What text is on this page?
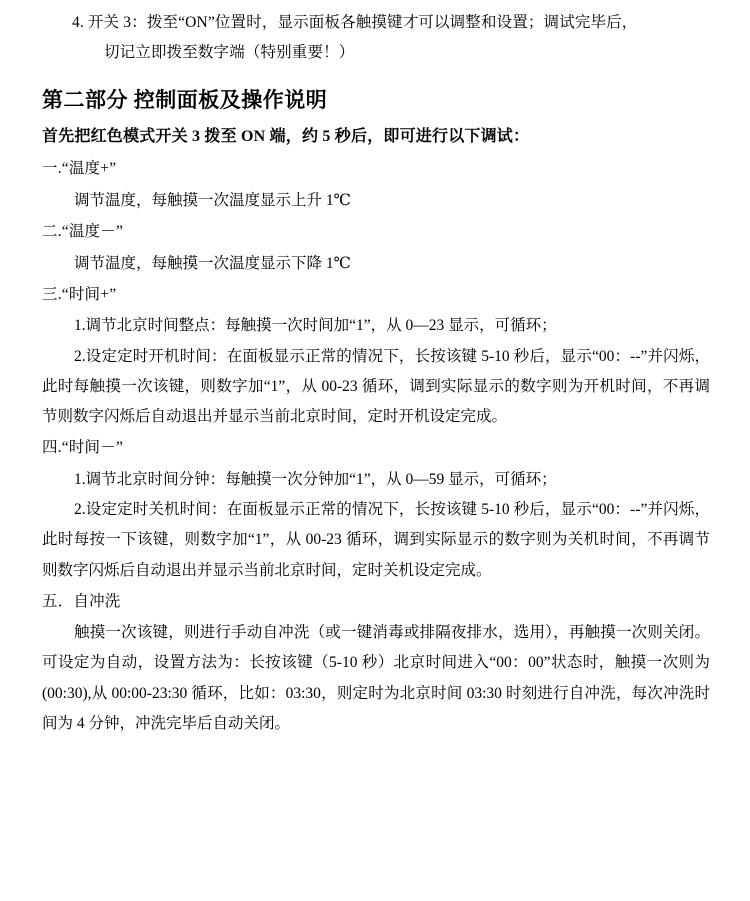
4. 开关 3：拨至“ON”位置时，显示面板各触摸键才可以调整和设置；调试完毕后，
切记立即拨至数字端（特别重要！）
第二部分 控制面板及操作说明
首先把红色模式开关 3 拨至 ON 端，约 5 秒后，即可进行以下调试：
一.“温度+”
调节温度，每触摸一次温度显示上升 1℃
二.“温度－”
调节温度，每触摸一次温度显示下降 1℃
三.“时间+”
1.调节北京时间整点：每触摸一次时间加“1”，从 0—23 显示，可循环；
2.设定定时开机时间：在面板显示正常的情况下，长按该键 5-10 秒后，显示“00：--”并闪烁，此时每触摸一次该键，则数字加“1”，从 00-23 循环，调到实际显示的数字则为开机时间，不再调节则数字闪烁后自动退出并显示当前北京时间，定时开机设定完成。
四.“时间－”
1.调节北京时间分钟：每触摸一次分钟加“1”，从 0—59 显示，可循环；
2.设定定时关机时间：在面板显示正常的情况下，长按该键 5-10 秒后，显示“00：--”并闪烁，此时每按一下该键，则数字加“1”，从 00-23 循环，调到实际显示的数字则为关机时间，不再调节则数字闪烁后自动退出并显示当前北京时间，定时关机设定完成。
五．自冲洗
触摸一次该键，则进行手动自冲洗（或一键消毒或排隔夜排水，选用），再触摸一次则关闭。可设定为自动，设置方法为：长按该键（5-10 秒）北京时间进入“00：00”状态时，触摸一次则为(00:30),从 00:00-23:30 循环，比如：03:30，则定时为北京时间 03:30 时刻进行自冲洗，每次冲洗时间为 4 分钟，冲洗完毕后自动关闭。
